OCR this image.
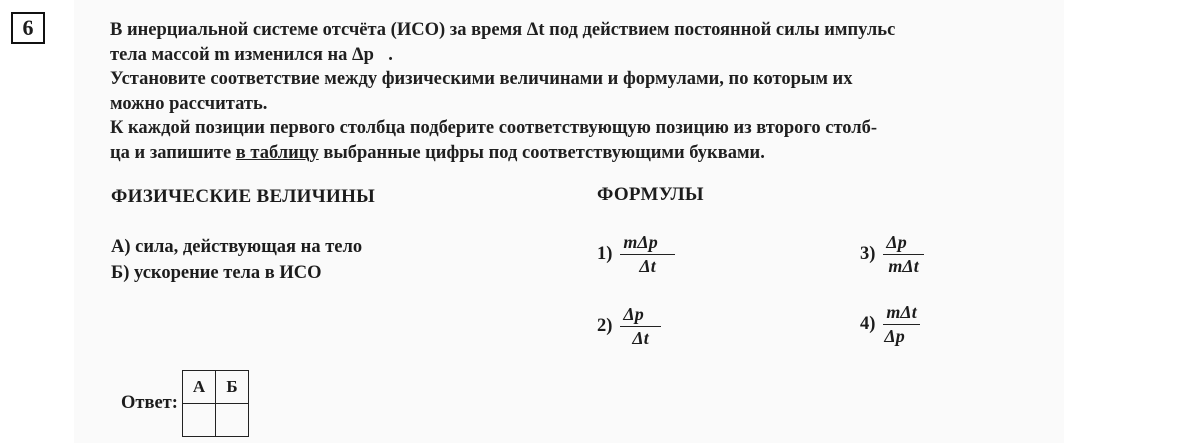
6	В инерциальной системе отсчёта (ИСО) за время Δt под действием постоянной силы импульс
тела массой m изменился на Δp⃗.

Установите соответствие между физическими величинами и формулами, по которым их
можно рассчитать.

К каждой позиции первого столбца подберите соответствующую позицию из второго столб-
ца и запишите в таблицу выбранные цифры под соответствующими буквами.

ФИЗИЧЕСКИЕ ВЕЛИЧИНЫ	ФОРМУЛЫ
А) сила, действующая на тело
Б) ускорение тела в ИСО
$1) \frac{\text{mΔp⃗}}{\Delta t}$
$2) \frac{\Delta p⃗}{\Delta t}$
$3) \frac{\Delta p⃗}{\text{mΔt}}$
$4) \frac{\text{mΔt}}{\Delta p⃗}$
Ответ:
А	Б
